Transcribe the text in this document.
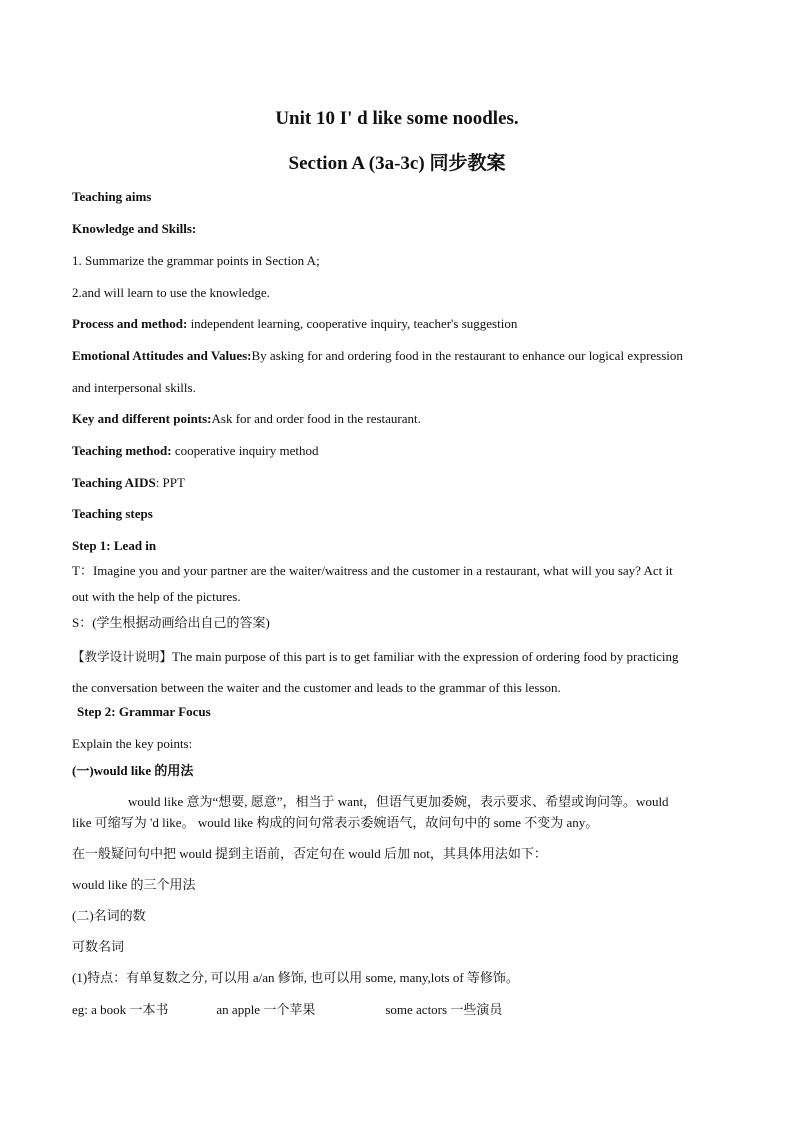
Unit 10 I' d like some noodles.
Section A (3a-3c) 同步教案
Teaching aims
Knowledge and Skills:
1. Summarize the grammar points in Section A;
2.and will learn to use the knowledge.
Process and method: independent learning, cooperative inquiry, teacher's suggestion
Emotional Attitudes and Values:By asking for and ordering food in the restaurant to enhance our logical expression
and interpersonal skills.
Key and different points:Ask for and order food in the restaurant.
Teaching method: cooperative inquiry method
Teaching AIDS: PPT
Teaching steps
Step 1: Lead in
T：Imagine you and your partner are the waiter/waitress and the customer in a restaurant, what will you say? Act it
out with the help of the pictures.
S：(学生根据动画给出自己的答案)
【教学设计说明】The main purpose of this part is to get familiar with the expression of ordering food by practicing
the conversation between the waiter and the customer and leads to the grammar of this lesson.
Step 2: Grammar Focus
Explain the key points:
(一)would like 的用法
would like 意为“想要, 愿意”，相当于 want，但语气更加委婉，表示要求、希望或询问等。would
like 可缩写为 'd like。 would like 构成的问句常表示委婉语气，故问句中的 some 不变为 any。
在一般疑问句中把 would 提到主语前，否定句在 would 后加 not，其具体用法如下：
would like 的三个用法
(二)名词的数
可数名词
(1)特点：有单复数之分, 可以用 a/an 修饰, 也可以用 some, many,lots of 等修饰。
eg: a book 一本书	an apple 一个苹果	some actors 一些演员
